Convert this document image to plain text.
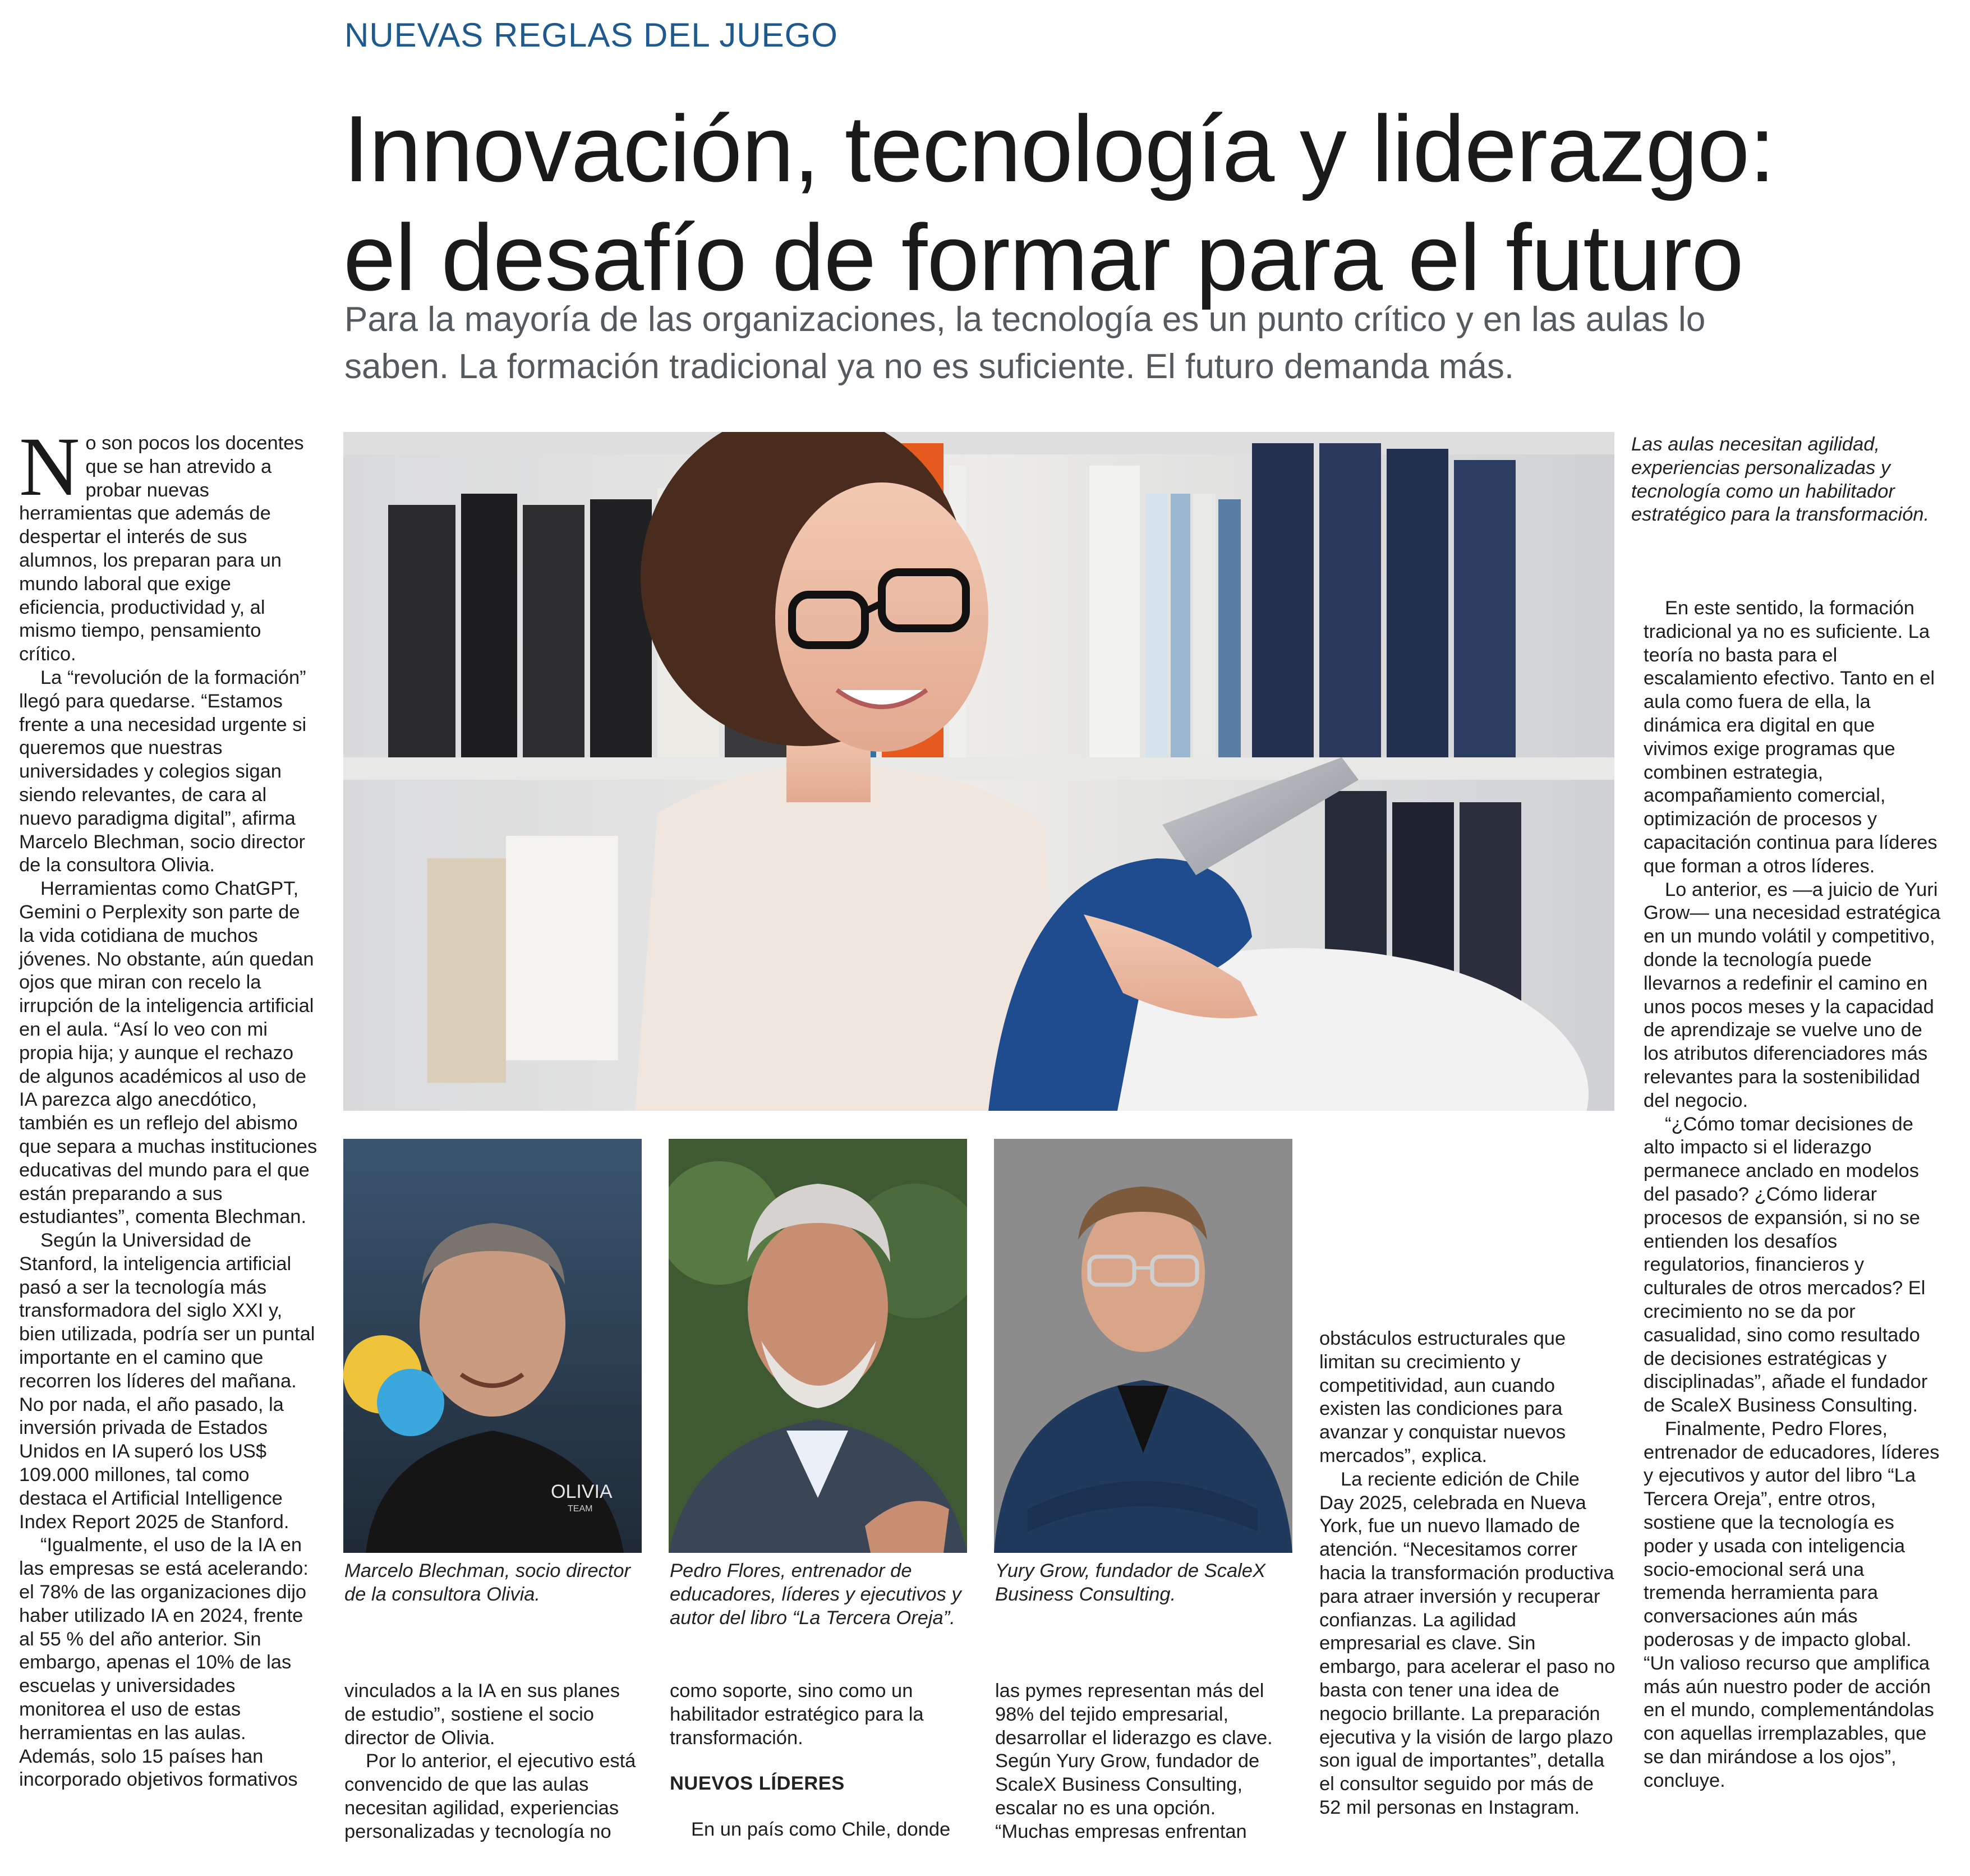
NUEVAS REGLAS DEL JUEGO
Innovación, tecnología y liderazgo:
el desafío de formar para el futuro
Para la mayoría de las organizaciones, la tecnología es un punto crítico y en las aulas lo saben. La formación tradicional ya no es suficiente. El futuro demanda más.

No son pocos los docentes que se han atrevido a probar nuevas herramientas que además de despertar el interés de sus alumnos, los preparan para un mundo laboral que exige eficiencia, productividad y, al mismo tiempo, pensamiento crítico.

La “revolución de la formación” llegó para quedarse. “Estamos frente a una necesidad urgente si queremos que nuestras universidades y colegios sigan siendo relevantes, de cara al nuevo paradigma digital”, afirma Marcelo Blechman, socio director de la consultora Olivia.

Herramientas como ChatGPT, Gemini o Perplexity son parte de la vida cotidiana de muchos jóvenes. No obstante, aún quedan ojos que miran con recelo la irrupción de la inteligencia artificial en el aula. “Así lo veo con mi propia hija; y aunque el rechazo de algunos académicos al uso de IA parezca algo anecdótico, también es un reflejo del abismo que separa a muchas instituciones educativas del mundo para el que están preparando a sus estudiantes”, comenta Blechman.

Según la Universidad de Stanford, la inteligencia artificial pasó a ser la tecnología más transformadora del siglo XXI y, bien utilizada, podría ser un puntal importante en el camino que recorren los líderes del mañana. No por nada, el año pasado, la inversión privada de Estados Unidos en IA superó los US$ 109.000 millones, tal como destaca el Artificial Intelligence Index Report 2025 de Stanford.

“Igualmente, el uso de la IA en las empresas se está acelerando: el 78% de las organizaciones dijo haber utilizado IA en 2024, frente al 55 % del año anterior. Sin embargo, apenas el 10% de las escuelas y universidades monitorea el uso de estas herramientas en las aulas. Además, solo 15 países han incorporado objetivos formativos

OLIVIA
TEAM
Marcelo Blechman, socio director de la consultora Olivia.
Pedro Flores, entrenador de educadores, líderes y ejecutivos y autor del libro “La Tercera Oreja”.
Yury Grow, fundador de ScaleX Business Consulting.

vinculados a la IA en sus planes de estudio”, sostiene el socio director de Olivia.

Por lo anterior, el ejecutivo está convencido de que las aulas necesitan agilidad, experiencias personalizadas y tecnología no

como soporte, sino como un habilitador estratégico para la transformación.

NUEVOS LÍDERES

En un país como Chile, donde

las pymes representan más del 98% del tejido empresarial, desarrollar el liderazgo es clave. Según Yury Grow, fundador de ScaleX Business Consulting, escalar no es una opción. “Muchas empresas enfrentan

obstáculos estructurales que limitan su crecimiento y competitividad, aun cuando existen las condiciones para avanzar y conquistar nuevos mercados”, explica.

La reciente edición de Chile Day 2025, celebrada en Nueva York, fue un nuevo llamado de atención. “Necesitamos correr hacia la transformación productiva para atraer inversión y recuperar confianzas. La agilidad empresarial es clave. Sin embargo, para acelerar el paso no basta con tener una idea de negocio brillante. La preparación ejecutiva y la visión de largo plazo son igual de importantes”, detalla el consultor seguido por más de 52 mil personas en Instagram.

Las aulas necesitan agilidad, experiencias personalizadas y tecnología como un habilitador estratégico para la transformación.

En este sentido, la formación tradicional ya no es suficiente. La teoría no basta para el escalamiento efectivo. Tanto en el aula como fuera de ella, la dinámica era digital en que vivimos exige programas que combinen estrategia, acompañamiento comercial, optimización de procesos y capacitación continua para líderes que forman a otros líderes.

Lo anterior, es —a juicio de Yuri Grow— una necesidad estratégica en un mundo volátil y competitivo, donde la tecnología puede llevarnos a redefinir el camino en unos pocos meses y la capacidad de aprendizaje se vuelve uno de los atributos diferenciadores más relevantes para la sostenibilidad del negocio.

“¿Cómo tomar decisiones de alto impacto si el liderazgo permanece anclado en modelos del pasado? ¿Cómo liderar procesos de expansión, si no se entienden los desafíos regulatorios, financieros y culturales de otros mercados? El crecimiento no se da por casualidad, sino como resultado de decisiones estratégicas y disciplinadas”, añade el fundador de ScaleX Business Consulting.

Finalmente, Pedro Flores, entrenador de educadores, líderes y ejecutivos y autor del libro “La Tercera Oreja”, entre otros, sostiene que la tecnología es poder y usada con inteligencia socio-emocional será una tremenda herramienta para conversaciones aún más poderosas y de impacto global. “Un valioso recurso que amplifica más aún nuestro poder de acción en el mundo, complementándolas con aquellas irremplazables, que se dan mirándose a los ojos”, concluye.
